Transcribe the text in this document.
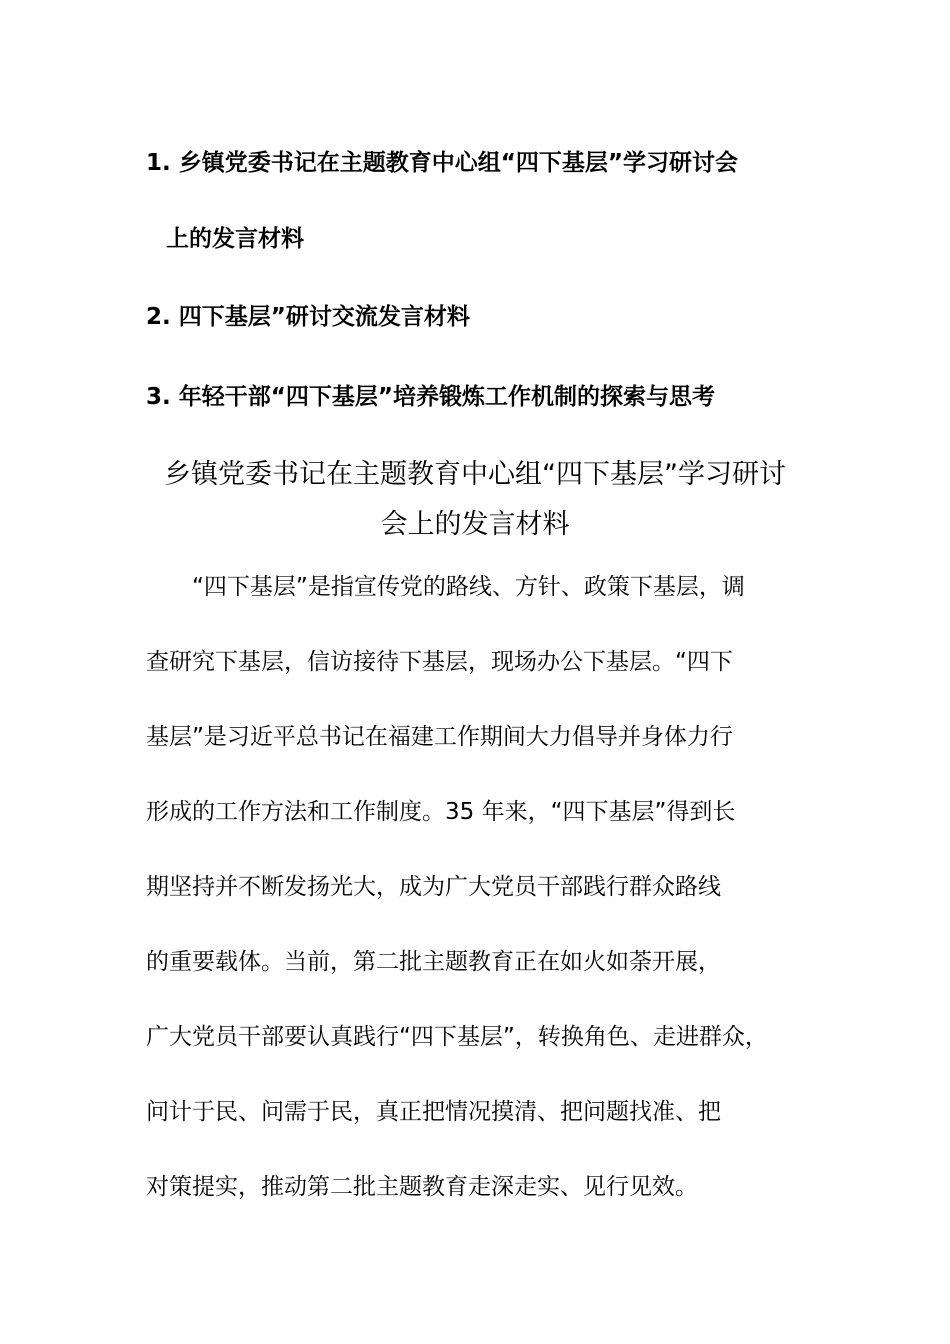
1. 乡镇党委书记在主题教育中心组“四下基层”学习研讨会
上的发言材料
2. 四下基层”研讨交流发言材料
3. 年轻干部“四下基层”培养锻炼工作机制的探索与思考
乡镇党委书记在主题教育中心组“四下基层”学习研讨
会上的发言材料
“四下基层”是指宣传党的路线、方针、政策下基层，调
查研究下基层，信访接待下基层，现场办公下基层。“四下
基层”是习近平总书记在福建工作期间大力倡导并身体力行
形成的工作方法和工作制度。35 年来，“四下基层”得到长
期坚持并不断发扬光大，成为广大党员干部践行群众路线
的重要载体。当前，第二批主题教育正在如火如荼开展，
广大党员干部要认真践行“四下基层”，转换角色、走进群众，
问计于民、问需于民，真正把情况摸清、把问题找准、把
对策提实，推动第二批主题教育走深走实、见行见效。
